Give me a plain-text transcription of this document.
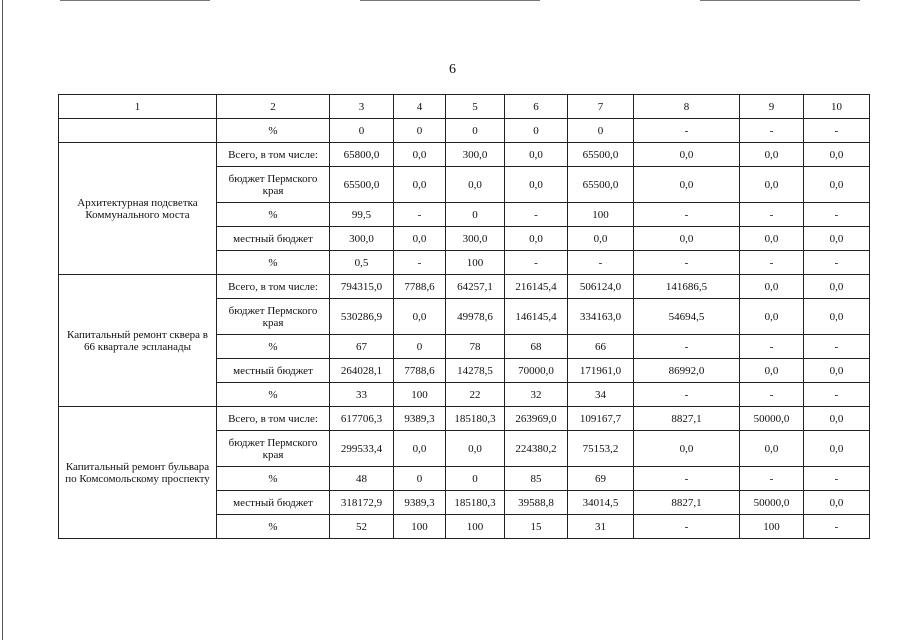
6
1	2	3	4	5	6	7	8	9	10
	%	0	0	0	0	0	-	-	-
Архитектурная подсветка Коммунального моста	Всего, в том числе:	65800,0	0,0	300,0	0,0	65500,0	0,0	0,0	0,0
	бюджет Пермского края	65500,0	0,0	0,0	0,0	65500,0	0,0	0,0	0,0
	%	99,5	-	0	-	100	-	-	-
	местный бюджет	300,0	0,0	300,0	0,0	0,0	0,0	0,0	0,0
	%	0,5	-	100	-	-	-	-	-
Капитальный ремонт сквера в 66 квартале эспланады	Всего, в том числе:	794315,0	7788,6	64257,1	216145,4	506124,0	141686,5	0,0	0,0
	бюджет Пермского края	530286,9	0,0	49978,6	146145,4	334163,0	54694,5	0,0	0,0
	%	67	0	78	68	66	-	-	-
	местный бюджет	264028,1	7788,6	14278,5	70000,0	171961,0	86992,0	0,0	0,0
	%	33	100	22	32	34	-	-	-
Капитальный ремонт бульвара по Комсомольскому проспекту	Всего, в том числе:	617706,3	9389,3	185180,3	263969,0	109167,7	8827,1	50000,0	0,0
	бюджет Пермского края	299533,4	0,0	0,0	224380,2	75153,2	0,0	0,0	0,0
	%	48	0	0	85	69	-	-	-
	местный бюджет	318172,9	9389,3	185180,3	39588,8	34014,5	8827,1	50000,0	0,0
	%	52	100	100	15	31	-	100	-
